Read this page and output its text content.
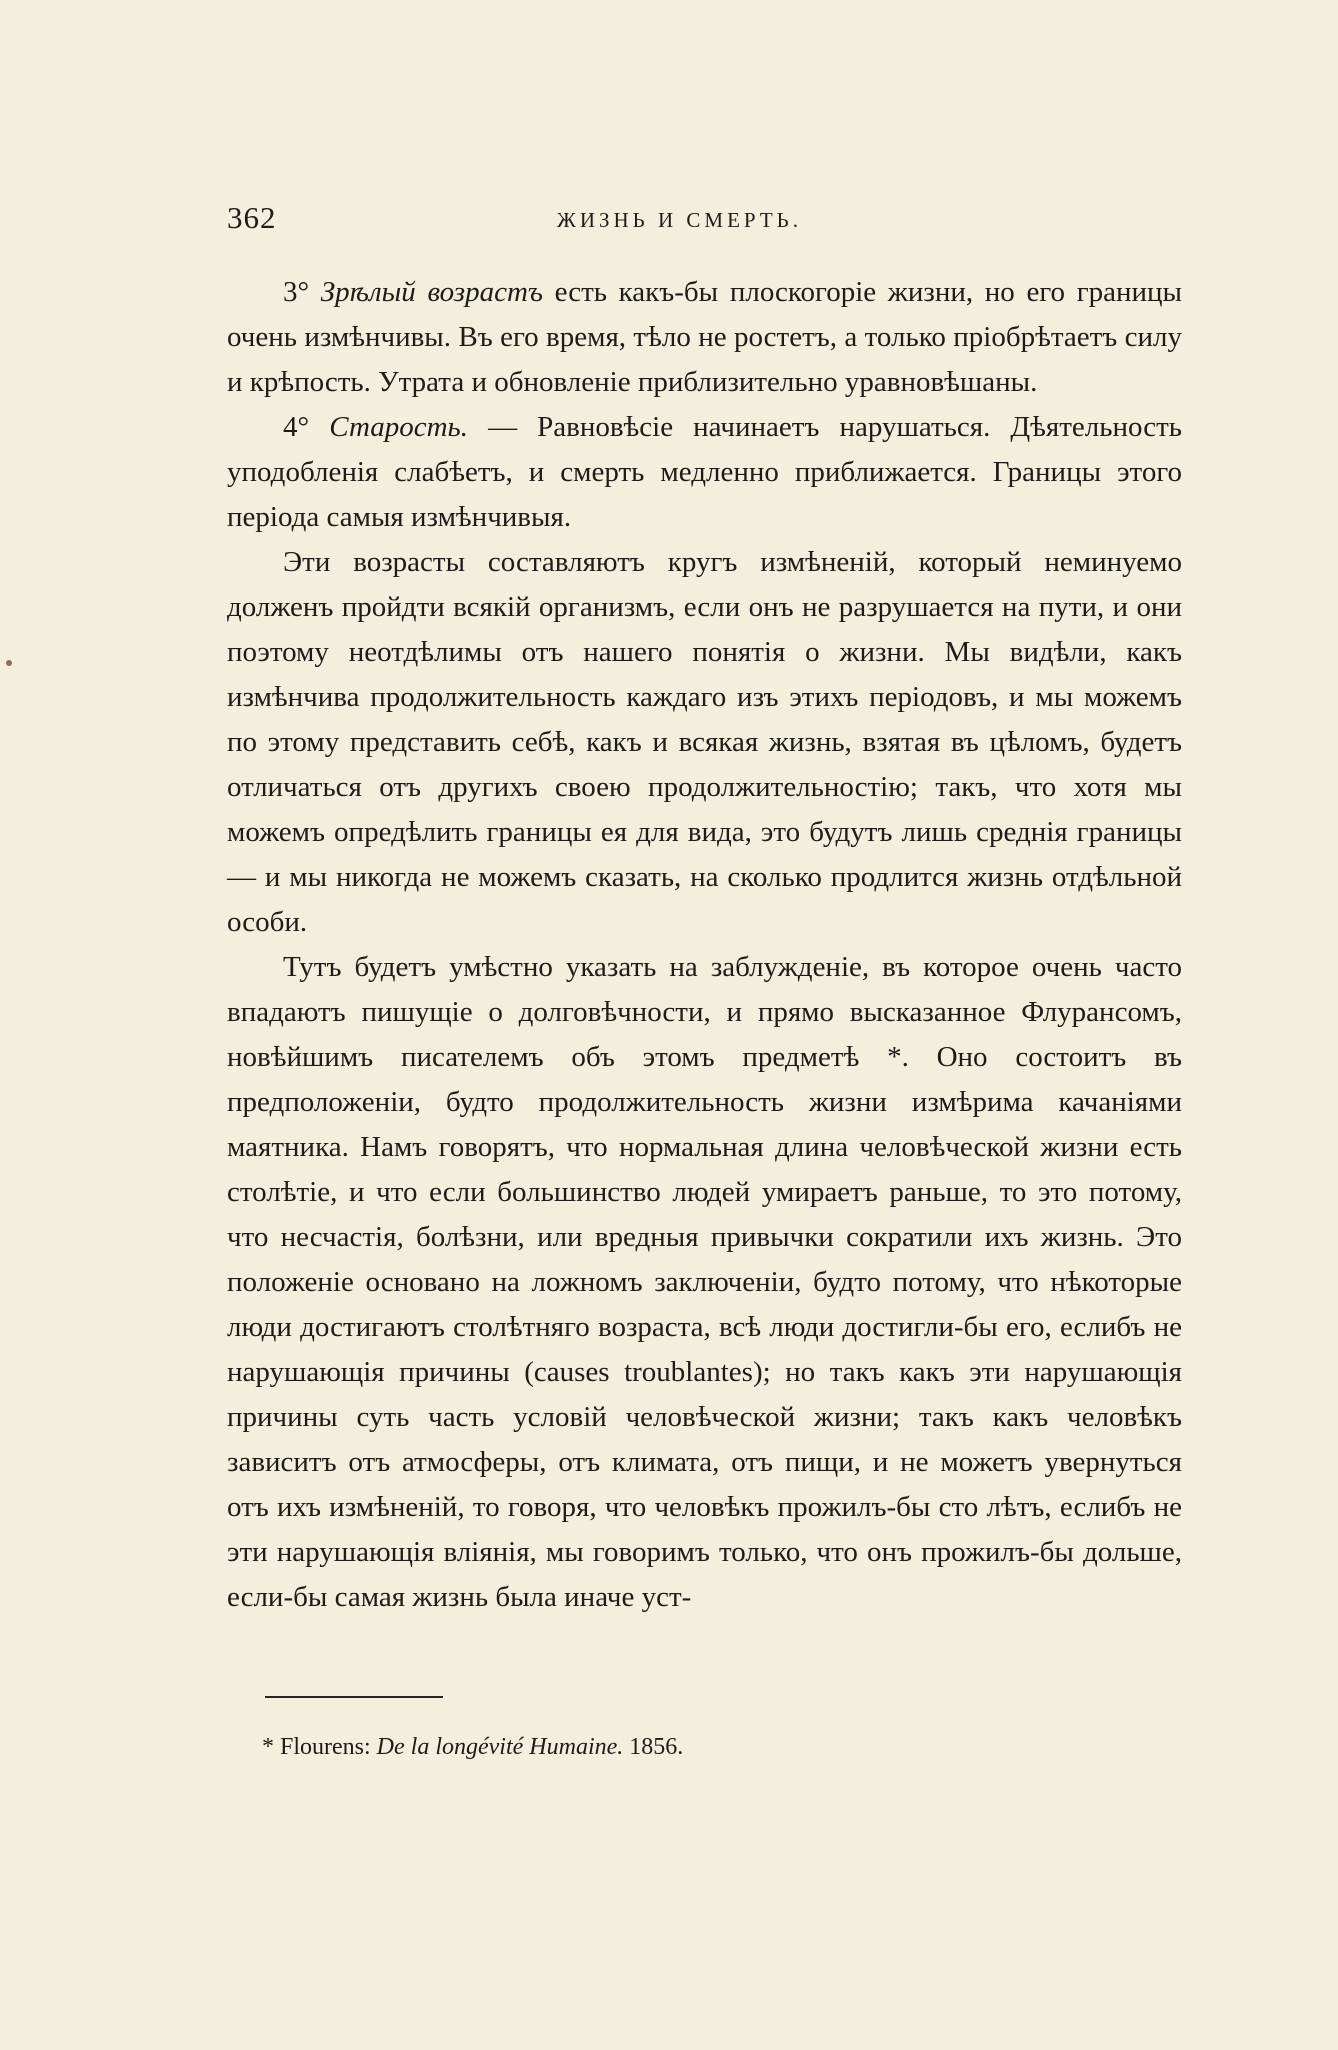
362	ЖИЗНЬ И СМЕРТЬ.

3° Зрѣлый возрастъ есть какъ-бы плоскогоріе жизни, но его границы очень измѣнчивы. Въ его время, тѣло не ростетъ, а только пріобрѣтаетъ силу и крѣпость. Утрата и обновленіе приблизительно уравновѣшаны.

4° Старость. — Равновѣсіе начинаетъ нарушаться. Дѣятельность уподобленія слабѣетъ, и смерть медленно приближается. Границы этого періода самыя измѣнчивыя.

Эти возрасты составляютъ кругъ измѣненій, который неминуемо долженъ пройдти всякій организмъ, если онъ не разрушается на пути, и они поэтому неотдѣлимы отъ нашего понятія о жизни. Мы видѣли, какъ измѣнчива продолжительность каждаго изъ этихъ періодовъ, и мы можемъ по этому представить себѣ, какъ и всякая жизнь, взятая въ цѣломъ, будетъ отличаться отъ другихъ своею продолжительностію; такъ, что хотя мы можемъ опредѣлить границы ея для вида, это будутъ лишь среднія границы — и мы никогда не можемъ сказать, на сколько продлится жизнь отдѣльной особи.

Тутъ будетъ умѣстно указать на заблужденіе, въ которое очень часто впадаютъ пишущіе о долговѣчности, и прямо высказанное Флурансомъ, новѣйшимъ писателемъ объ этомъ предметѣ *. Оно состоитъ въ предположеніи, будто продолжительность жизни измѣрима качаніями маятника. Намъ говорятъ, что нормальная длина человѣческой жизни есть столѣтіе, и что если большинство людей умираетъ раньше, то это потому, что несчастія, болѣзни, или вредныя привычки сократили ихъ жизнь. Это положеніе основано на ложномъ заключеніи, будто потому, что нѣкоторые люди достигаютъ столѣтняго возраста, всѣ люди достигли-бы его, еслибъ не нарушающія причины (causes troublantes); но такъ какъ эти нарушающія причины суть часть условій человѣческой жизни; такъ какъ человѣкъ зависитъ отъ атмосферы, отъ климата, отъ пищи, и не можетъ увернуться отъ ихъ измѣненій, то говоря, что человѣкъ прожилъ-бы сто лѣтъ, еслибъ не эти нарушающія вліянія, мы говоримъ только, что онъ прожилъ-бы дольше, если-бы самая жизнь была иначе уст-

* Flourens: De la longévité Humaine. 1856.
